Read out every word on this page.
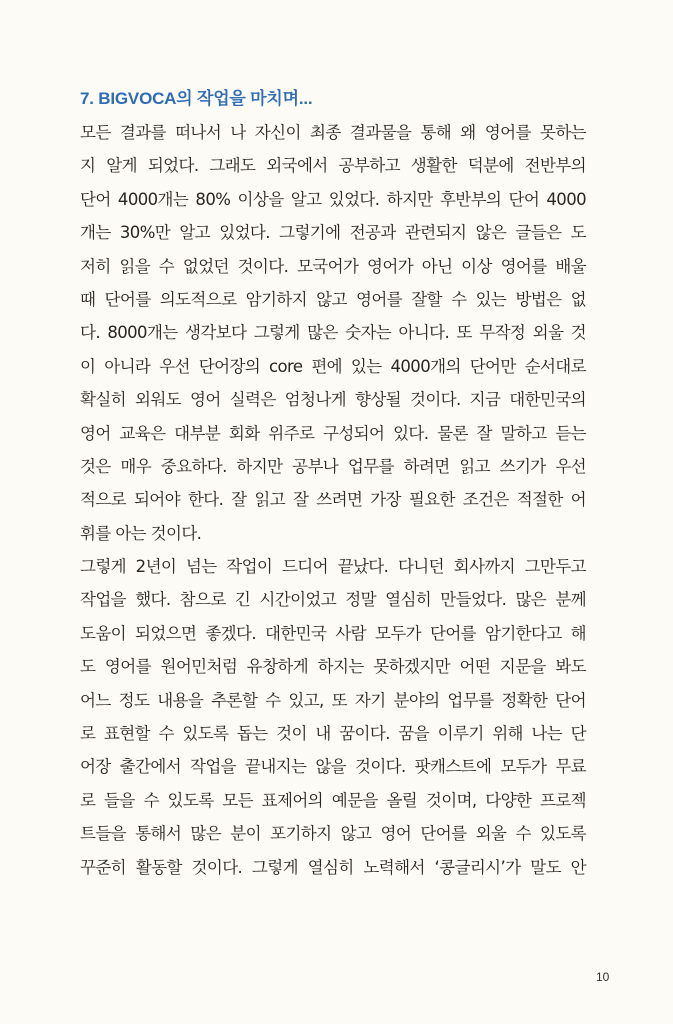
7. BIGVOCA의 작업을 마치며...
모든 결과를 떠나서 나 자신이 최종 결과물을 통해 왜 영어를 못하는
지 알게 되었다. 그래도 외국에서 공부하고 생활한 덕분에 전반부의
단어 4000개는 80% 이상을 알고 있었다. 하지만 후반부의 단어 4000
개는 30%만 알고 있었다. 그렇기에 전공과 관련되지 않은 글들은 도
저히 읽을 수 없었던 것이다. 모국어가 영어가 아닌 이상 영어를 배울
때 단어를 의도적으로 암기하지 않고 영어를 잘할 수 있는 방법은 없
다. 8000개는 생각보다 그렇게 많은 숫자는 아니다. 또 무작정 외울 것
이 아니라 우선 단어장의 core 편에 있는 4000개의 단어만 순서대로
확실히 외워도 영어 실력은 엄청나게 향상될 것이다. 지금 대한민국의
영어 교육은 대부분 회화 위주로 구성되어 있다. 물론 잘 말하고 듣는
것은 매우 중요하다. 하지만 공부나 업무를 하려면 읽고 쓰기가 우선
적으로 되어야 한다. 잘 읽고 잘 쓰려면 가장 필요한 조건은 적절한 어
휘를 아는 것이다.
그렇게 2년이 넘는 작업이 드디어 끝났다. 다니던 회사까지 그만두고
작업을 했다. 참으로 긴 시간이었고 정말 열심히 만들었다. 많은 분께
도움이 되었으면 좋겠다. 대한민국 사람 모두가 단어를 암기한다고 해
도 영어를 원어민처럼 유창하게 하지는 못하겠지만 어떤 지문을 봐도
어느 정도 내용을 추론할 수 있고, 또 자기 분야의 업무를 정확한 단어
로 표현할 수 있도록 돕는 것이 내 꿈이다. 꿈을 이루기 위해 나는 단
어장 출간에서 작업을 끝내지는 않을 것이다. 팟캐스트에 모두가 무료
로 들을 수 있도록 모든 표제어의 예문을 올릴 것이며, 다양한 프로젝
트들을 통해서 많은 분이 포기하지 않고 영어 단어를 외울 수 있도록
꾸준히 활동할 것이다. 그렇게 열심히 노력해서 ‘콩글리시’가 말도 안
10
